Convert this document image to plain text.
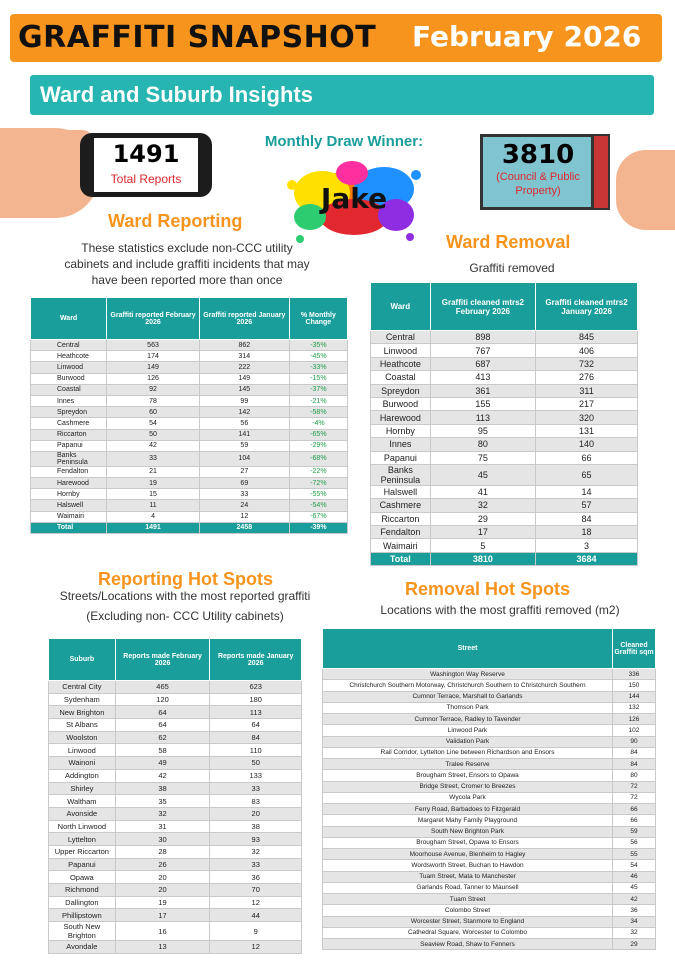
GRAFFITI SNAPSHOT February 2026
Ward and Suburb Insights
1491
Total Reports
Monthly Draw Winner:
Jake
3810
(Council & Public Property)
Ward Reporting
These statistics exclude non-CCC utility cabinets and include graffiti incidents that may have been reported more than once
Ward	Graffiti reported February 2026	Graffiti reported January 2026	% Monthly Change
Central	563	862	-35%
Heathcote	174	314	-45%
Linwood	149	222	-33%
Burwood	126	149	-15%
Coastal	92	145	-37%
Innes	78	99	-21%
Spreydon	60	142	-58%
Cashmere	54	56	-4%
Riccarton	50	141	-65%
Papanui	42	59	-29%
Banks Peninsula	33	104	-68%
Fendalton	21	27	-22%
Harewood	19	69	-72%
Hornby	15	33	-55%
Halswell	11	24	-54%
Waimairi	4	12	-67%
Total	1491	2458	-39%
Ward Removal
Graffiti removed
Ward	Graffiti cleaned mtrs2 February 2026	Graffiti cleaned mtrs2 January 2026
Central	898	845
Linwood	767	406
Heathcote	687	732
Coastal	413	276
Spreydon	361	311
Burwood	155	217
Harewood	113	320
Hornby	95	131
Innes	80	140
Papanui	75	66
Banks Peninsula	45	65
Halswell	41	14
Cashmere	32	57
Riccarton	29	84
Fendalton	17	18
Waimairi	5	3
Total	3810	3684
Reporting Hot Spots
Streets/Locations with the most reported graffiti
(Excluding non- CCC Utility cabinets)
Suburb	Reports made February 2026	Reports made January 2026
Central City	465	623
Sydenham	120	180
New Brighton	64	113
St Albans	64	64
Woolston	62	84
Linwood	58	110
Wainoni	49	50
Addington	42	133
Shirley	38	33
Waltham	35	83
Avonside	32	20
North Linwood	31	38
Lyttelton	30	93
Upper Riccarton	28	32
Papanui	26	33
Opawa	20	36
Richmond	20	70
Dallington	19	12
Phillipstown	17	44
South New Brighton	16	9
Avondale	13	12
Removal Hot Spots
Locations with the most graffiti removed (m2)
Street	Cleaned Graffiti sqm
Washington Way Reserve	336
Christchurch Southern Motorway, Christchurch Southern to Christchurch Southern	150
Cumnor Terrace, Marshall to Garlands	144
Thomson Park	132
Cumnor Terrace, Radley to Tavender	126
Linwood Park	102
Validation Park	90
Rail Corridor, Lyttelton Line between Richardson and Ensors	84
Tralee Reserve	84
Brougham Street, Ensors to Opawa	80
Bridge Street, Cromer to Breezes	72
Wycola Park	72
Ferry Road, Barbadoes to Fitzgerald	66
Margaret Mahy Family Playground	66
South New Brighton Park	59
Brougham Street, Opawa to Ensors	56
Moorhouse Avenue, Blenheim to Hagley	55
Wordsworth Street, Buchan to Hawdon	54
Tuam Street, Mata to Manchester	46
Garlands Road, Tanner to Maunsell	45
Tuam Street	42
Colombo Street	36
Worcester Street, Stanmore to England	34
Cathedral Square, Worcester to Colombo	32
Seaview Road, Shaw to Fenners	29
